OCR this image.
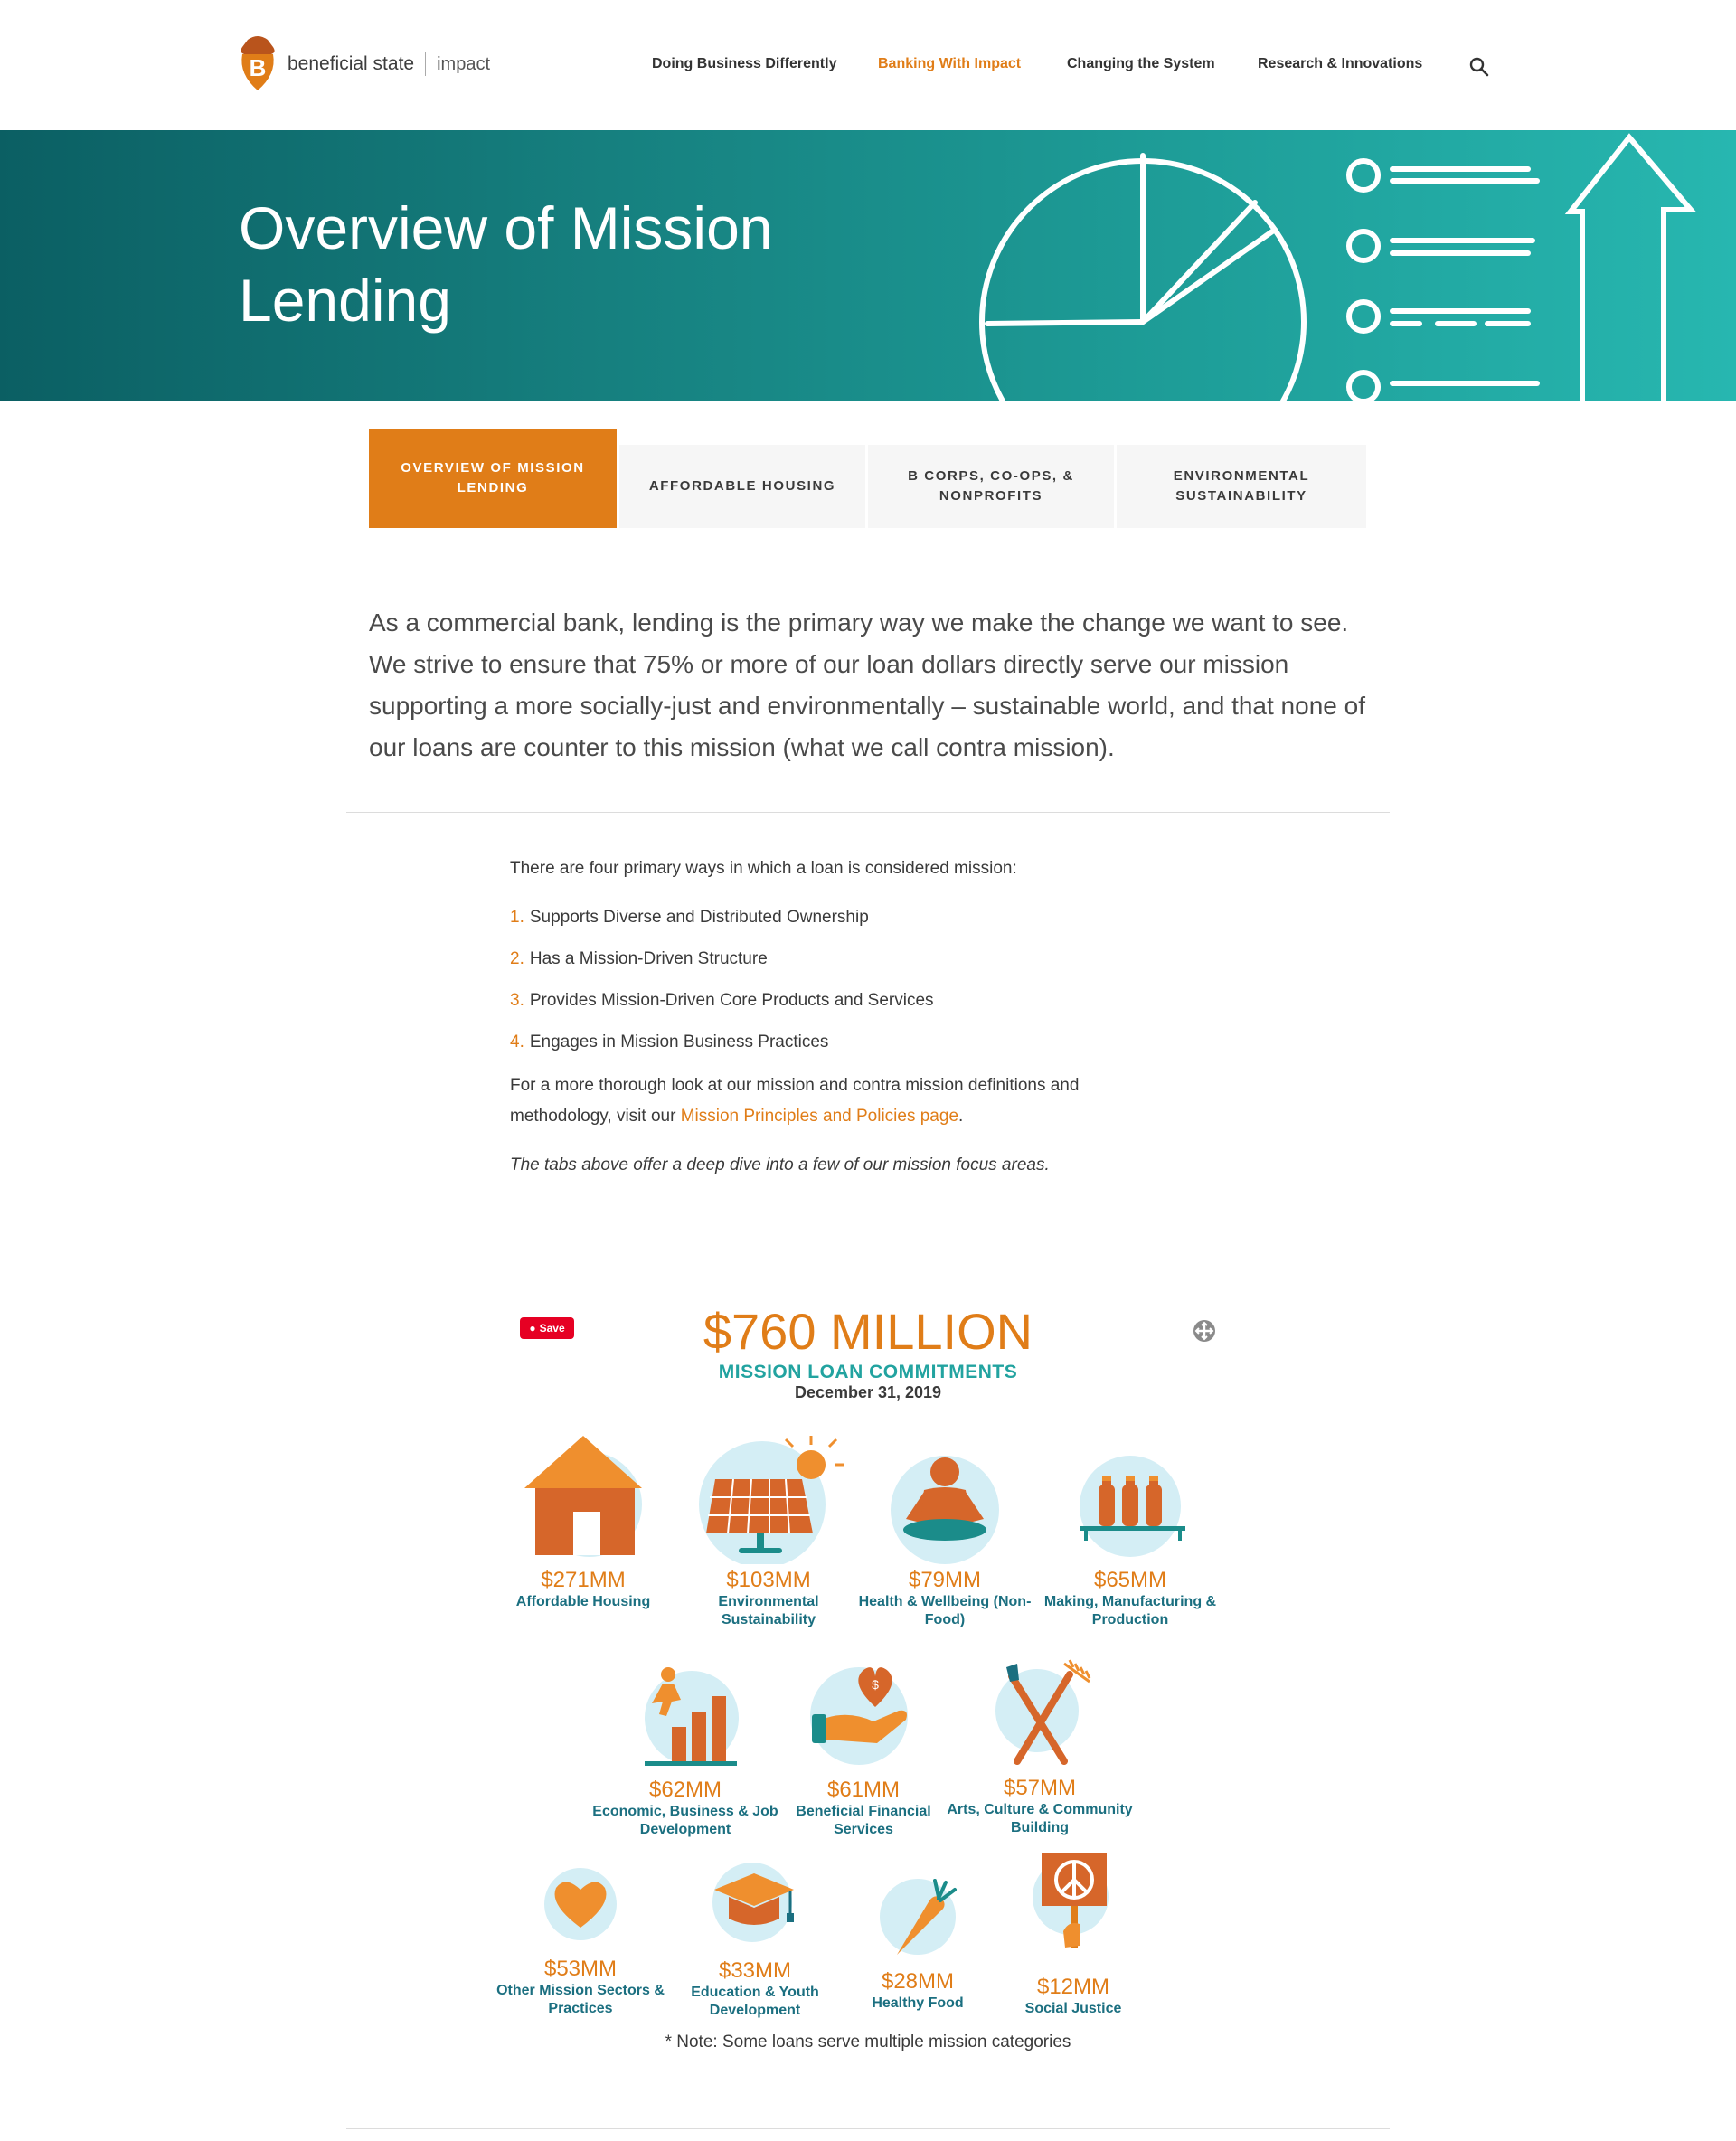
B beneficial state impact	Doing Business Differently	Banking With Impact	Changing the System	Research & Innovations
Overview of Mission Lending
OVERVIEW OF MISSION LENDING	AFFORDABLE HOUSING
B CORPS, CO-OPS, & NONPROFITS
ENVIRONMENTAL SUSTAINABILITY

As a commercial bank, lending is the primary way we make the change we want to see. We strive to ensure that 75% or more of our loan dollars directly serve our mission supporting a more socially-just and environmentally – sustainable world, and that none of our loans are counter to this mission (what we call contra mission).

There are four primary ways in which a loan is considered mission:

1. Supports Diverse and Distributed Ownership
2. Has a Mission-Driven Structure
3. Provides Mission-Driven Core Products and Services
4. Engages in Mission Business Practices

For a more thorough look at our mission and contra mission definitions and methodology, visit our Mission Principles and Policies page.

The tabs above offer a deep dive into a few of our mission focus areas.

● Save	$760 MILLION
MISSION LOAN COMMITMENTS
December 31, 2019
$271MM
Affordable Housing
$103MM
Environmental Sustainability
$79MM
Health & Wellbeing (Non-Food)
$65MM
Making, Manufacturing & Production
$62MM
Economic, Business & Job Development
$
$61MM
Beneficial Financial Services
$57MM
Arts, Culture & Community Building
$53MM
Other Mission Sectors & Practices
$33MM
Education & Youth Development
$28MM
Healthy Food
$12MM
Social Justice
* Note: Some loans serve multiple mission categories
